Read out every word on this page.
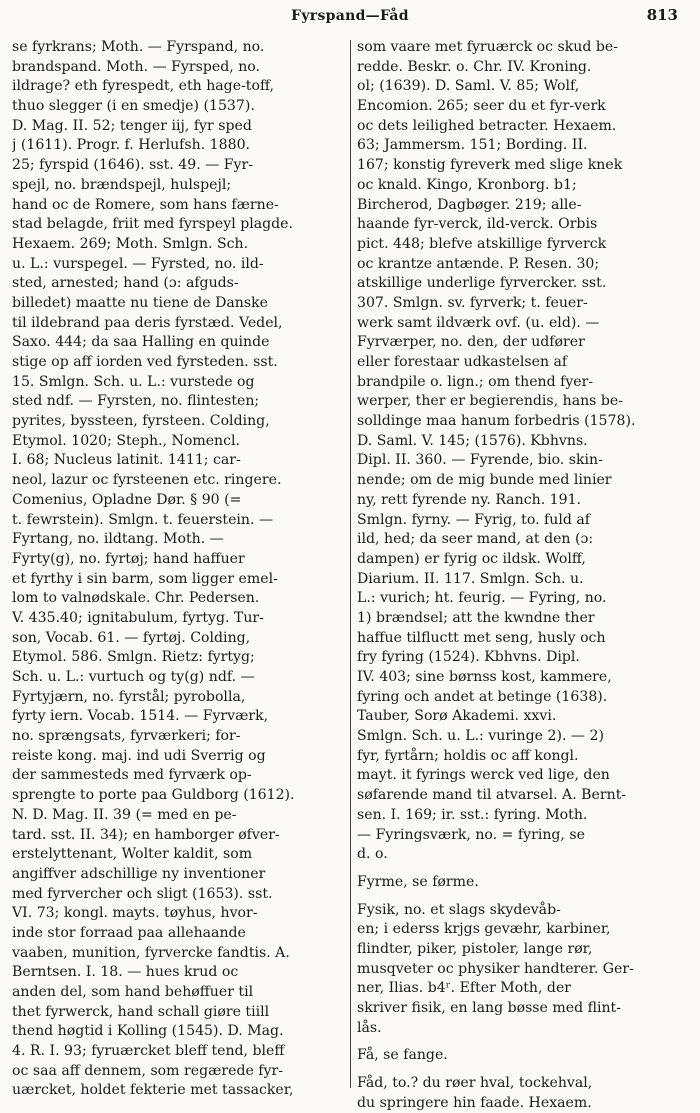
Fyrspand—Fåd	813
se fyrkrans; Moth. — Fyrspand, no.
brandspand. Moth. — Fyrsped, no.
ildrage? eth fyrespedt, eth hage-toff,
thuo slegger (i en smedje) (1537).
D. Mag. II. 52; tenger iij, fyr sped
j (1611). Progr. f. Herlufsh. 1880.
25; fyrspid (1646). sst. 49. — Fyr-
spejl, no. brændspejl, hulspejl;
hand oc de Romere, som hans færne-
stad belagde, friit med fyrspeyl plagde.
Hexaem. 269; Moth. Smlgn. Sch.
u. L.: vurspegel. — Fyrsted, no. ild-
sted, arnested; hand (ɔ: afguds-
billedet) maatte nu tiene de Danske
til ildebrand paa deris fyrstæd. Vedel,
Saxo. 444; da saa Halling en quinde
stige op aff iorden ved fyrsteden. sst.
15. Smlgn. Sch. u. L.: vurstede og
sted ndf. — Fyrsten, no. flintesten;
pyrites, byssteen, fyrsteen. Colding,
Etymol. 1020; Steph., Nomencl.
I. 68; Nucleus latinit. 1411; car-
neol, lazur oc fyrsteenen etc. ringere.
Comenius, Opladne Dør. § 90 (=
t. fewrstein). Smlgn. t. feuerstein. —
Fyrtang, no. ildtang. Moth. —
Fyrty(g), no. fyrtøj; hand haffuer
et fyrthy i sin barm, som ligger emel-
lom to valnødskale. Chr. Pedersen.
V. 435.40; ignitabulum, fyrtyg. Tur-
son, Vocab. 61. — fyrtøj. Colding,
Etymol. 586. Smlgn. Rietz: fyrtyg;
Sch. u. L.: vurtuch og ty(g) ndf. —
Fyrtyjærn, no. fyrstål; pyrobolla,
fyrty iern. Vocab. 1514. — Fyrværk,
no. sprængsats, fyrværkeri; for-
reiste kong. maj. ind udi Sverrig og
der sammesteds med fyrværk op-
sprengte to porte paa Guldborg (1612).
N. D. Mag. II. 39 (= med en pe-
tard. sst. II. 34); en hamborger øfver-
erstelyttenant, Wolter kaldit, som
angiffver adschillige ny inventioner
med fyrvercher och sligt (1653). sst.
VI. 73; kongl. mayts. tøyhus, hvor-
inde stor forraad paa allehaande
vaaben, munition, fyrvercke fandtis. A.
Berntsen. I. 18. — hues krud oc
anden del, som hand behøffuer til
thet fyrwerck, hand schall giøre tiill
thend høgtid i Kolling (1545). D. Mag.
4. R. I. 93; fyruærcket bleff tend, bleff
oc saa aff dennem, som regærede fyr-
uærcket, holdet fekterie met tassacker,
som vaare met fyruærck oc skud be-
redde. Beskr. o. Chr. IV. Kroning.
ol; (1639). D. Saml. V. 85; Wolf,
Encomion. 265; seer du et fyr-verk
oc dets leilighed betracter. Hexaem.
63; Jammersm. 151; Bording. II.
167; konstig fyreverk med slige knek
oc knald. Kingo, Kronborg. b1;
Bircherod, Dagbøger. 219; alle-
haande fyr-verck, ild-verck. Orbis
pict. 448; blefve atskillige fyrverck
oc krantze antænde. P. Resen. 30;
atskillige underlige fyrvercker. sst.
307. Smlgn. sv. fyrverk; t. feuer-
werk samt ildværk ovf. (u. eld). —
Fyrværper, no. den, der udfører
eller forestaar udkastelsen af
brandpile o. lign.; om thend fyer-
werper, ther er begierendis, hans be-
solldinge maa hanum forbedris (1578).
D. Saml. V. 145; (1576). Kbhvns.
Dipl. II. 360. — Fyrende, bio. skin-
nende; om de mig bunde med linier
ny, rett fyrende ny. Ranch. 191.
Smlgn. fyrny. — Fyrig, to. fuld af
ild, hed; da seer mand, at den (ɔ:
dampen) er fyrig oc ildsk. Wolff,
Diarium. II. 117. Smlgn. Sch. u.
L.: vurich; ht. feurig. — Fyring, no.
1) brændsel; att the kwndne ther
haffue tilfluctt met seng, husly och
fry fyring (1524). Kbhvns. Dipl.
IV. 403; sine børnss kost, kammere,
fyring och andet at betinge (1638).
Tauber, Sorø Akademi. xxvi.
Smlgn. Sch. u. L.: vuringe 2). — 2)
fyr, fyrtårn; holdis oc aff kongl.
mayt. it fyrings werck ved lige, den
søfarende mand til atvarsel. A. Bernt-
sen. I. 169; ir. sst.: fyring. Moth.
— Fyringsværk, no. = fyring, se
d. o.
Fyrme, se førme.
Fysik, no. et slags skydevåb-
en; i ederss krjgs gevæhr, karbiner,
flindter, piker, pistoler, lange rør,
musqveter oc physiker handterer. Ger-
ner, Ilias. b4ʳ. Efter Moth, der
skriver fisik, en lang bøsse med flint-
lås.
Få, se fange.
Fåd, to.? du røer hval, tockehval,
du springere hin faade. Hexaem.
